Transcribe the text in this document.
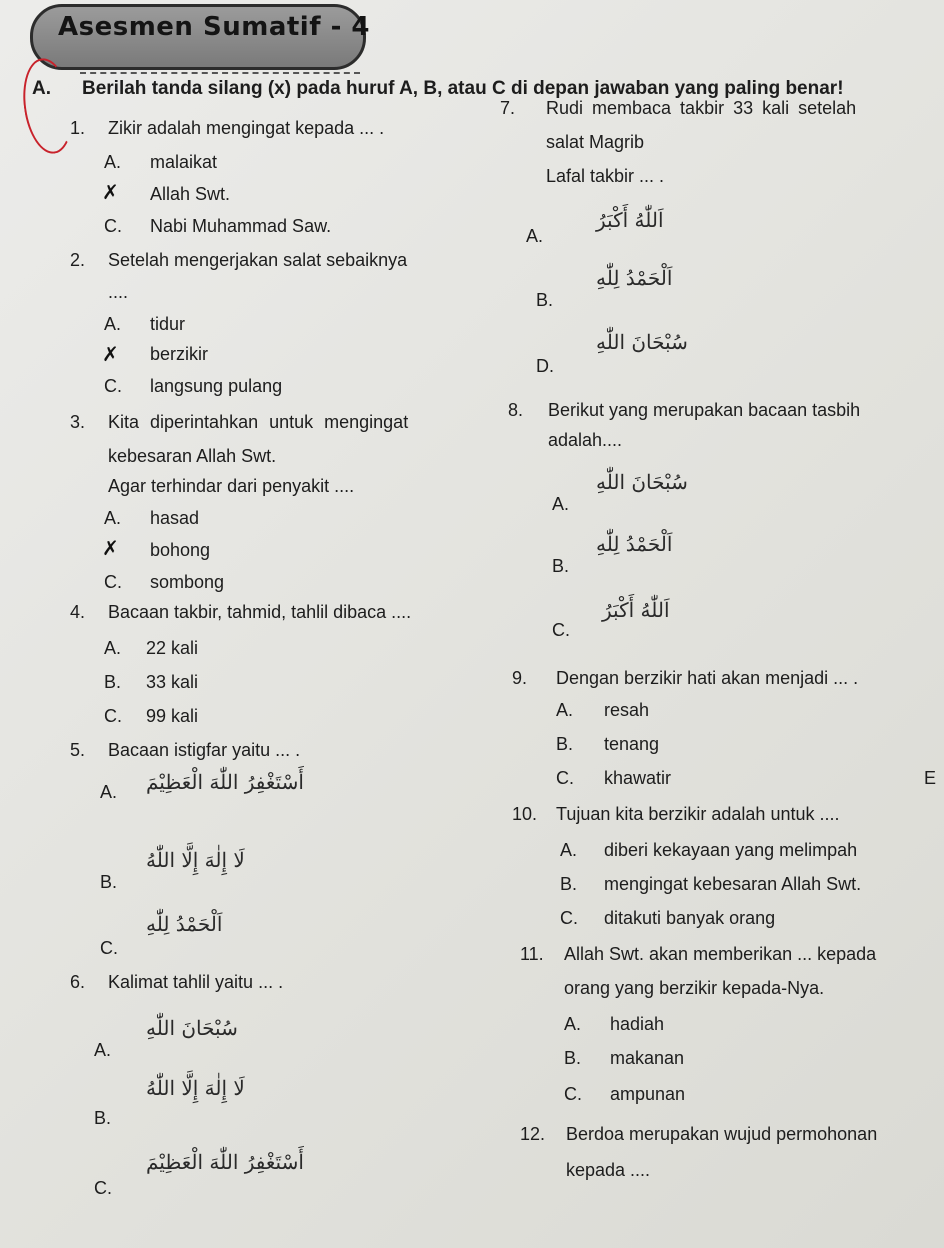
Asesmen Sumatif - 4
A. Berilah tanda silang (x) pada huruf A, B, atau C di depan jawaban yang paling benar!
1. Zikir adalah mengingat kepada ... .
A. malaikat
✗ Allah Swt.
C. Nabi Muhammad Saw.
2. Setelah mengerjakan salat sebaiknya
....
A. tidur
✗ berzikir
C. langsung pulang
3. Kita diperintahkan untuk mengingat
kebesaran Allah Swt.
Agar terhindar dari penyakit ....
A. hasad
✗ bohong
C. sombong
4. Bacaan takbir, tahmid, tahlil dibaca ....
A. 22 kali
B. 33 kali
C. 99 kali
5. Bacaan istigfar yaitu ... .
A. أَسْتَغْفِرُ اللّٰهَ الْعَظِيْمَ
B.
لَا إِلٰهَ إِلَّا اللّٰهُ
C.
اَلْحَمْدُ لِلّٰهِ
6. Kalimat tahlil yaitu ... .
A.
سُبْحَانَ اللّٰهِ
B.
لَا إِلٰهَ إِلَّا اللّٰهُ
C.
أَسْتَغْفِرُ اللّٰهَ الْعَظِيْمَ
7. Rudi membaca takbir 33 kali setelah
salat Magrib
Lafal takbir ... .
A.
اَللّٰهُ أَكْبَرُ
B.
اَلْحَمْدُ لِلّٰهِ
D.
سُبْحَانَ اللّٰهِ
8. Berikut yang merupakan bacaan tasbih
adalah....
A.
سُبْحَانَ اللّٰهِ
B.
اَلْحَمْدُ لِلّٰهِ
C.
اَللّٰهُ أَكْبَرُ
9. Dengan berzikir hati akan menjadi ... .
A. resah
B. tenang
C. khawatir	E
10. Tujuan kita berzikir adalah untuk ....
A. diberi kekayaan yang melimpah
B. mengingat kebesaran Allah Swt.
C. ditakuti banyak orang
11. Allah Swt. akan memberikan ... kepada
orang yang berzikir kepada-Nya.
A. hadiah
B. makanan
C. ampunan
12. Berdoa merupakan wujud permohonan
kepada ....
